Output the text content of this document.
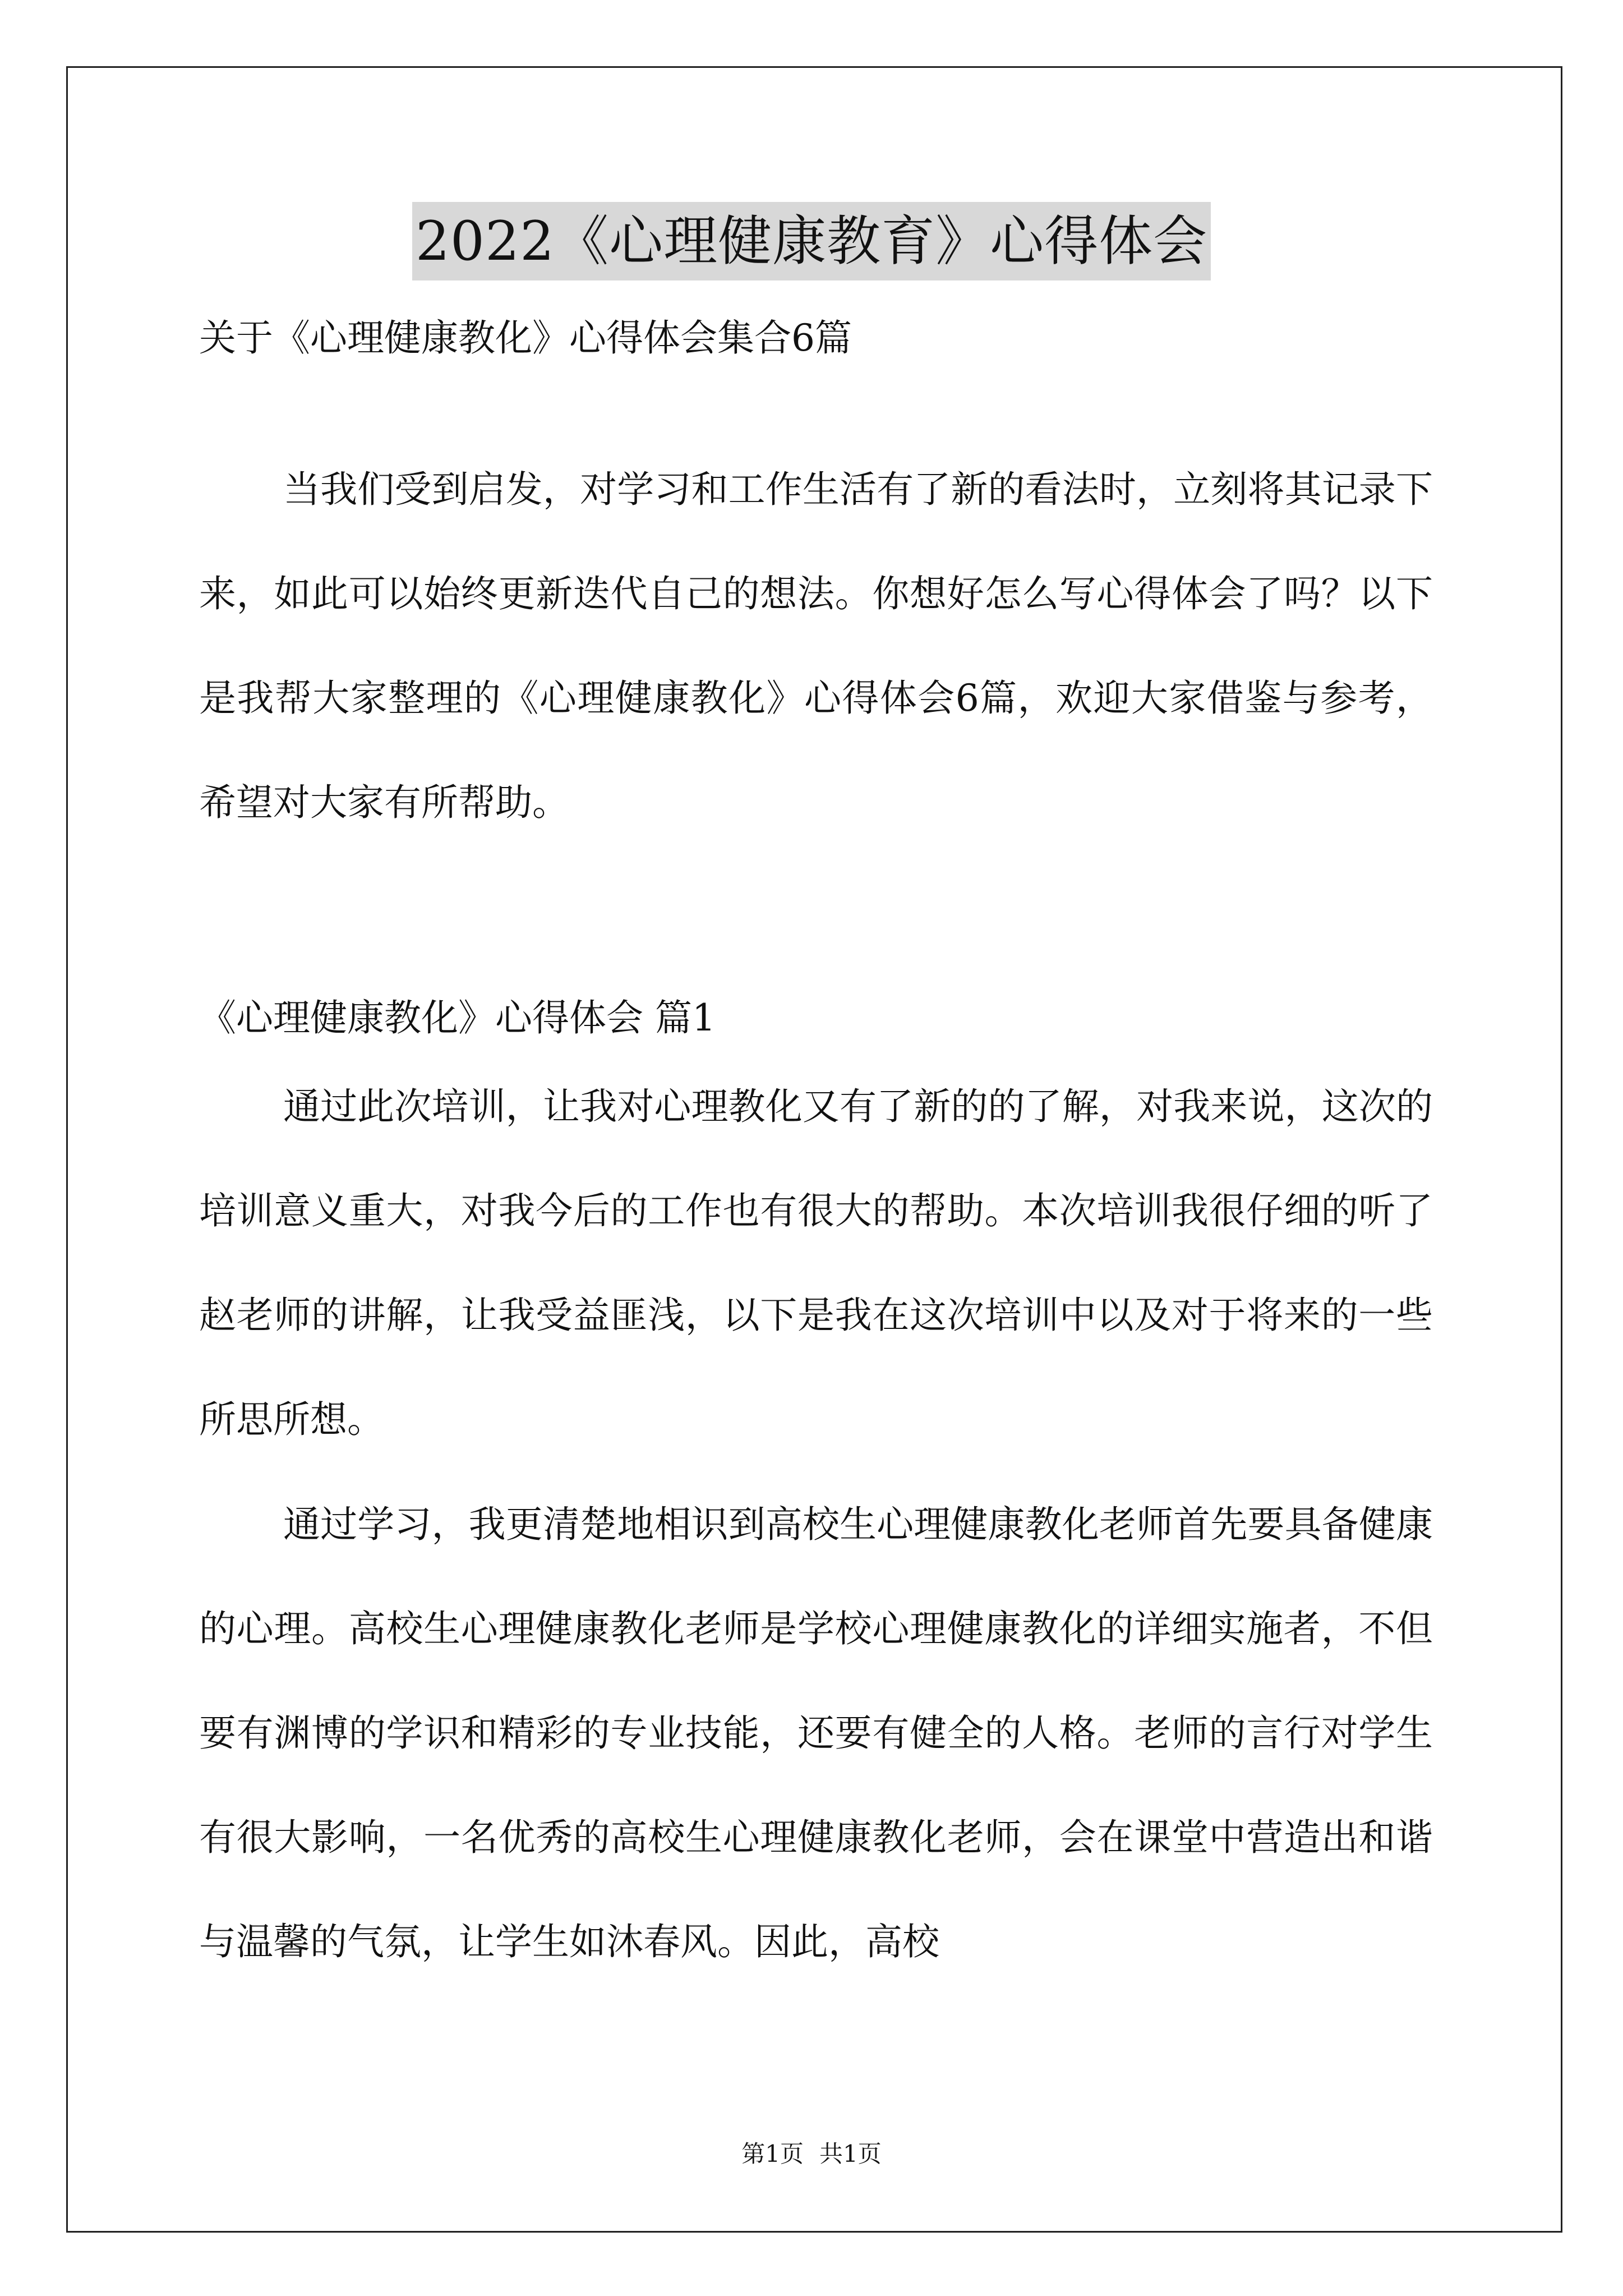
2022《心理健康教育》心得体会
关于《心理健康教化》心得体会集合6篇

当我们受到启发，对学习和工作生活有了新的看法时，立刻将其记录下来，如此可以始终更新迭代自己的想法。你想好怎么写心得体会了吗？以下是我帮大家整理的《心理健康教化》心得体会6篇，欢迎大家借鉴与参考，希望对大家有所帮助。

《心理健康教化》心得体会 篇1

通过此次培训，让我对心理教化又有了新的的了解，对我来说，这次的培训意义重大，对我今后的工作也有很大的帮助。本次培训我很仔细的听了赵老师的讲解，让我受益匪浅，以下是我在这次培训中以及对于将来的一些所思所想。

通过学习，我更清楚地相识到高校生心理健康教化老师首先要具备健康的心理。高校生心理健康教化老师是学校心理健康教化的详细实施者，不但要有渊博的学识和精彩的专业技能，还要有健全的人格。老师的言行对学生有很大影响，一名优秀的高校生心理健康教化老师，会在课堂中营造出和谐与温馨的气氛，让学生如沐春风。因此，高校

第1页 共1页
